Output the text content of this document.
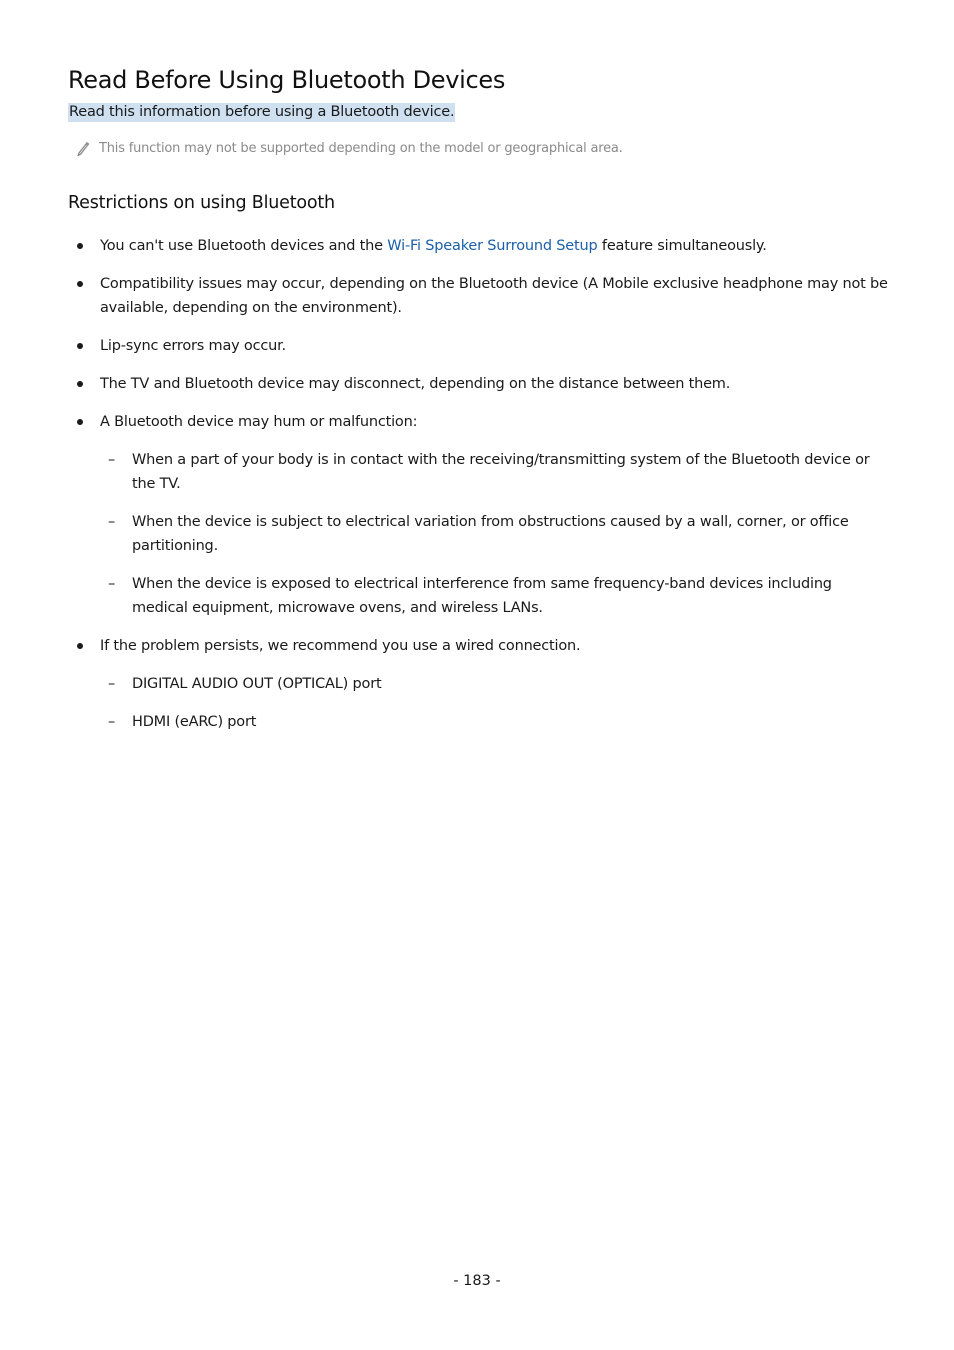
Read Before Using Bluetooth Devices
Read this information before using a Bluetooth device.
This function may not be supported depending on the model or geographical area.
Restrictions on using Bluetooth
You can't use Bluetooth devices and the Wi-Fi Speaker Surround Setup feature simultaneously.
Compatibility issues may occur, depending on the Bluetooth device (A Mobile exclusive headphone may not be available, depending on the environment).
Lip-sync errors may occur.
The TV and Bluetooth device may disconnect, depending on the distance between them.
A Bluetooth device may hum or malfunction:
– When a part of your body is in contact with the receiving/transmitting system of the Bluetooth device or the TV.
– When the device is subject to electrical variation from obstructions caused by a wall, corner, or office partitioning.
– When the device is exposed to electrical interference from same frequency-band devices including medical equipment, microwave ovens, and wireless LANs.
If the problem persists, we recommend you use a wired connection.
– DIGITAL AUDIO OUT (OPTICAL) port
– HDMI (eARC) port
- 183 -
